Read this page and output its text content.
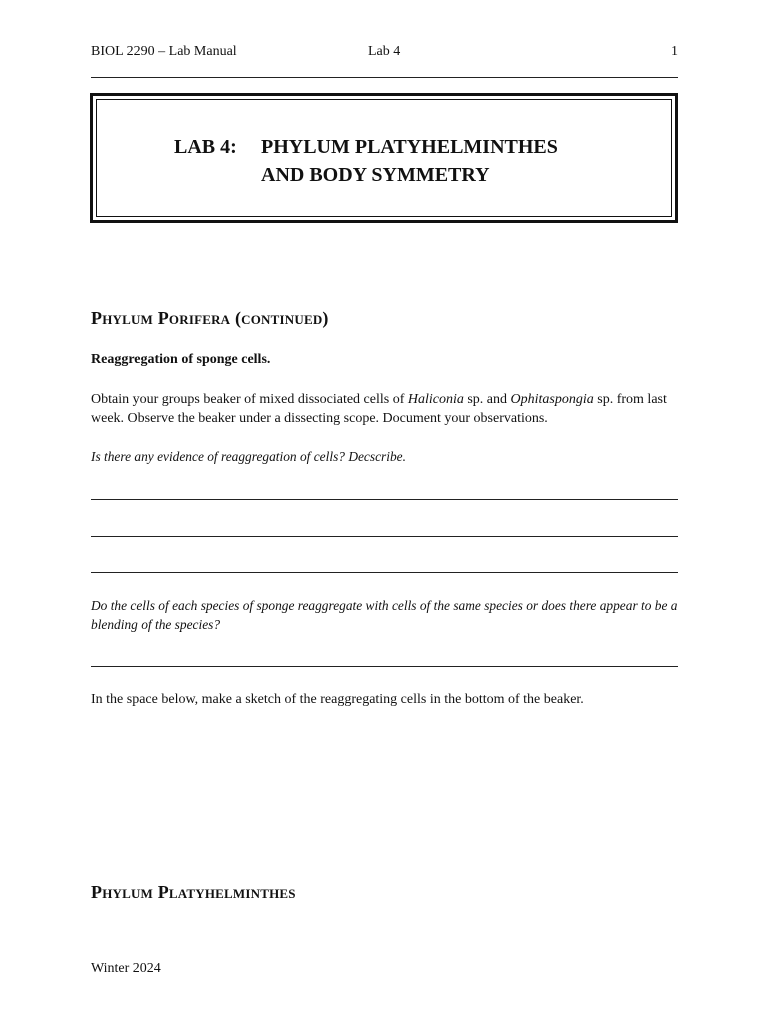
BIOL 2290 – Lab Manual	Lab 4	1
LAB 4: PHYLUM PLATYHELMINTHES
AND BODY SYMMETRY
Phylum Porifera (continued)
Reaggregation of sponge cells.
Obtain your groups beaker of mixed dissociated cells of Haliconia sp. and Ophitaspongia sp. from last week. Observe the beaker under a dissecting scope. Document your observations.
Is there any evidence of reaggregation of cells? Decscribe.
Do the cells of each species of sponge reaggregate with cells of the same species or does there appear to be a blending of the species?
In the space below, make a sketch of the reaggregating cells in the bottom of the beaker.
Phylum Platyhelminthes
Winter 2024
